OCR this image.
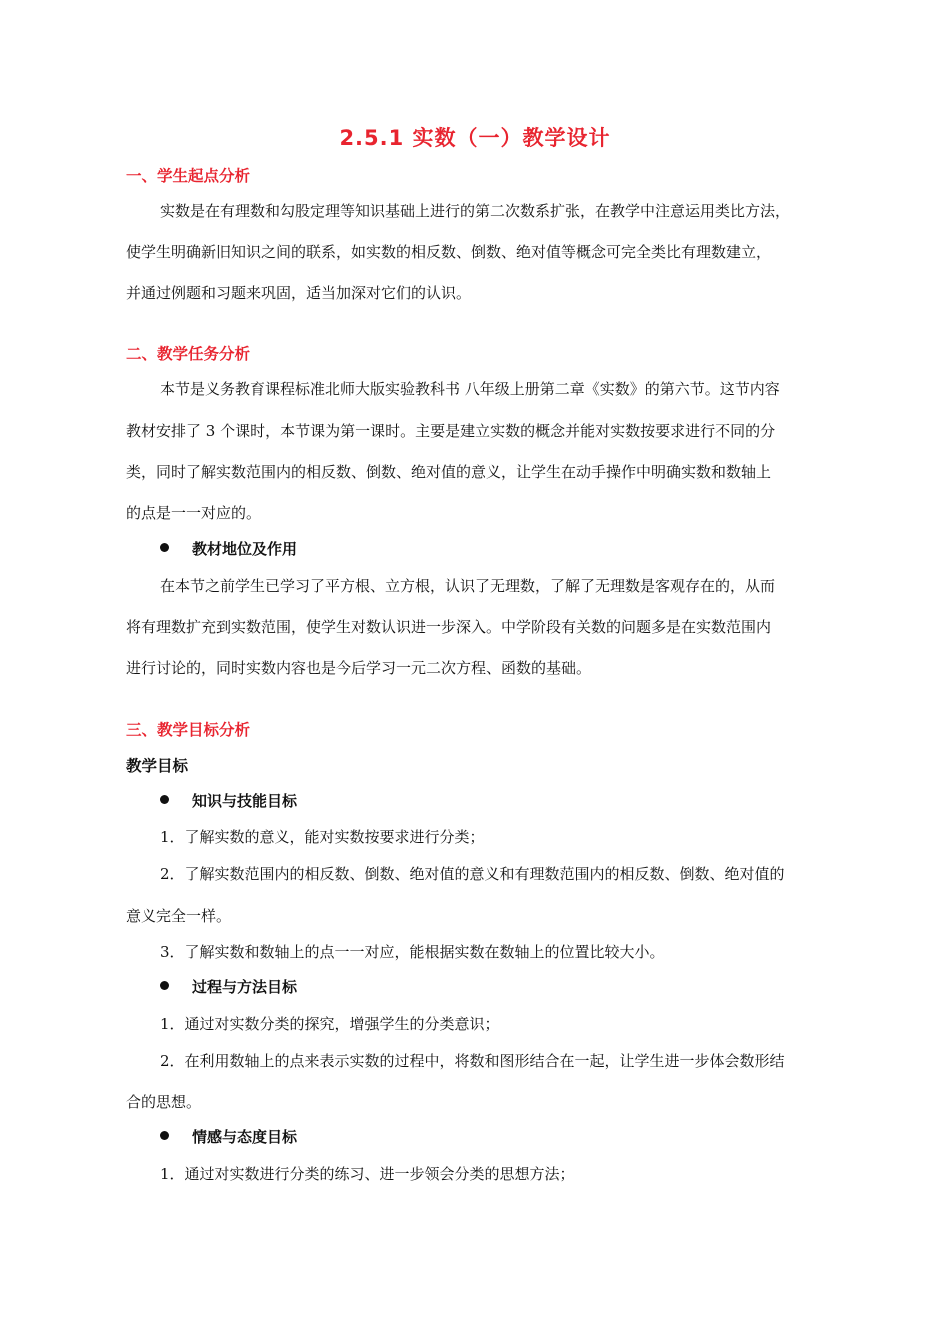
2.5.1 实数（一）教学设计
一、学生起点分析
实数是在有理数和勾股定理等知识基础上进行的第二次数系扩张，在教学中注意运用类比方法，
使学生明确新旧知识之间的联系，如实数的相反数、倒数、绝对值等概念可完全类比有理数建立，
并通过例题和习题来巩固，适当加深对它们的认识。
二、教学任务分析
本节是义务教育课程标准北师大版实验教科书 八年级上册第二章《实数》的第六节。这节内容
教材安排了 3 个课时，本节课为第一课时。主要是建立实数的概念并能对实数按要求进行不同的分
类，同时了解实数范围内的相反数、倒数、绝对值的意义，让学生在动手操作中明确实数和数轴上
的点是一一对应的。
教材地位及作用
在本节之前学生已学习了平方根、立方根，认识了无理数，了解了无理数是客观存在的，从而
将有理数扩充到实数范围，使学生对数认识进一步深入。中学阶段有关数的问题多是在实数范围内
进行讨论的，同时实数内容也是今后学习一元二次方程、函数的基础。
三、教学目标分析
教学目标
知识与技能目标
1．了解实数的意义，能对实数按要求进行分类；
2．了解实数范围内的相反数、倒数、绝对值的意义和有理数范围内的相反数、倒数、绝对值的
意义完全一样。
3．了解实数和数轴上的点一一对应，能根据实数在数轴上的位置比较大小。
过程与方法目标
1．通过对实数分类的探究，增强学生的分类意识；
2．在利用数轴上的点来表示实数的过程中，将数和图形结合在一起，让学生进一步体会数形结
合的思想。
情感与态度目标
1．通过对实数进行分类的练习、进一步领会分类的思想方法；
